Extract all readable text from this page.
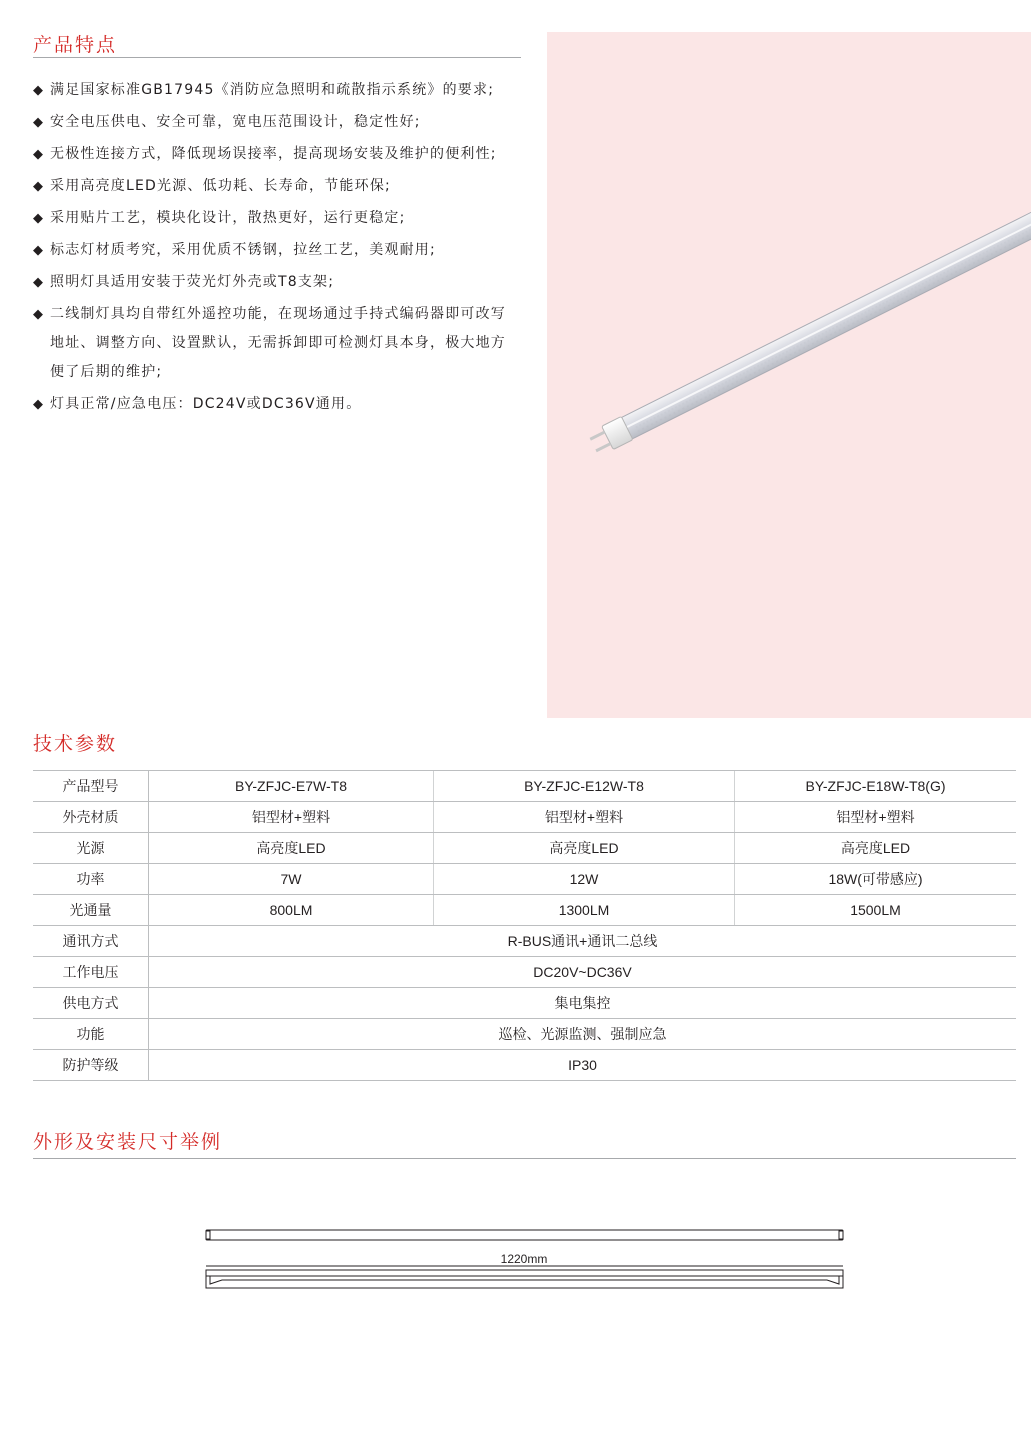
产品特点
◆ 满足国家标准GB17945《消防应急照明和疏散指示系统》的要求;
◆ 安全电压供电、安全可靠，宽电压范围设计，稳定性好;
◆ 无极性连接方式，降低现场误接率，提高现场安装及维护的便利性;
◆ 采用高亮度LED光源、低功耗、长寿命，节能环保;
◆ 采用贴片工艺，模块化设计，散热更好，运行更稳定;
◆ 标志灯材质考究，采用优质不锈钢，拉丝工艺，美观耐用;
◆ 照明灯具适用安装于荧光灯外壳或T8支架;
◆ 二线制灯具均自带红外遥控功能，在现场通过手持式编码器即可改写地址、调整方向、设置默认，无需拆卸即可检测灯具本身，极大地方便了后期的维护;
◆ 灯具正常/应急电压：DC24V或DC36V通用。
技术参数
产品型号	BY-ZFJC-E7W-T8	BY-ZFJC-E12W-T8	BY-ZFJC-E18W-T8(G)
外壳材质	铝型材+塑料	铝型材+塑料	铝型材+塑料
光源	高亮度LED	高亮度LED	高亮度LED
功率	7W	12W	18W(可带感应)
光通量	800LM	1300LM	1500LM
通讯方式	R-BUS通讯+通讯二总线		
工作电压	DC20V~DC36V		
供电方式	集电集控		
功能	巡检、光源监测、强制应急		
防护等级	IP30		
外形及安装尺寸举例
1220mm
